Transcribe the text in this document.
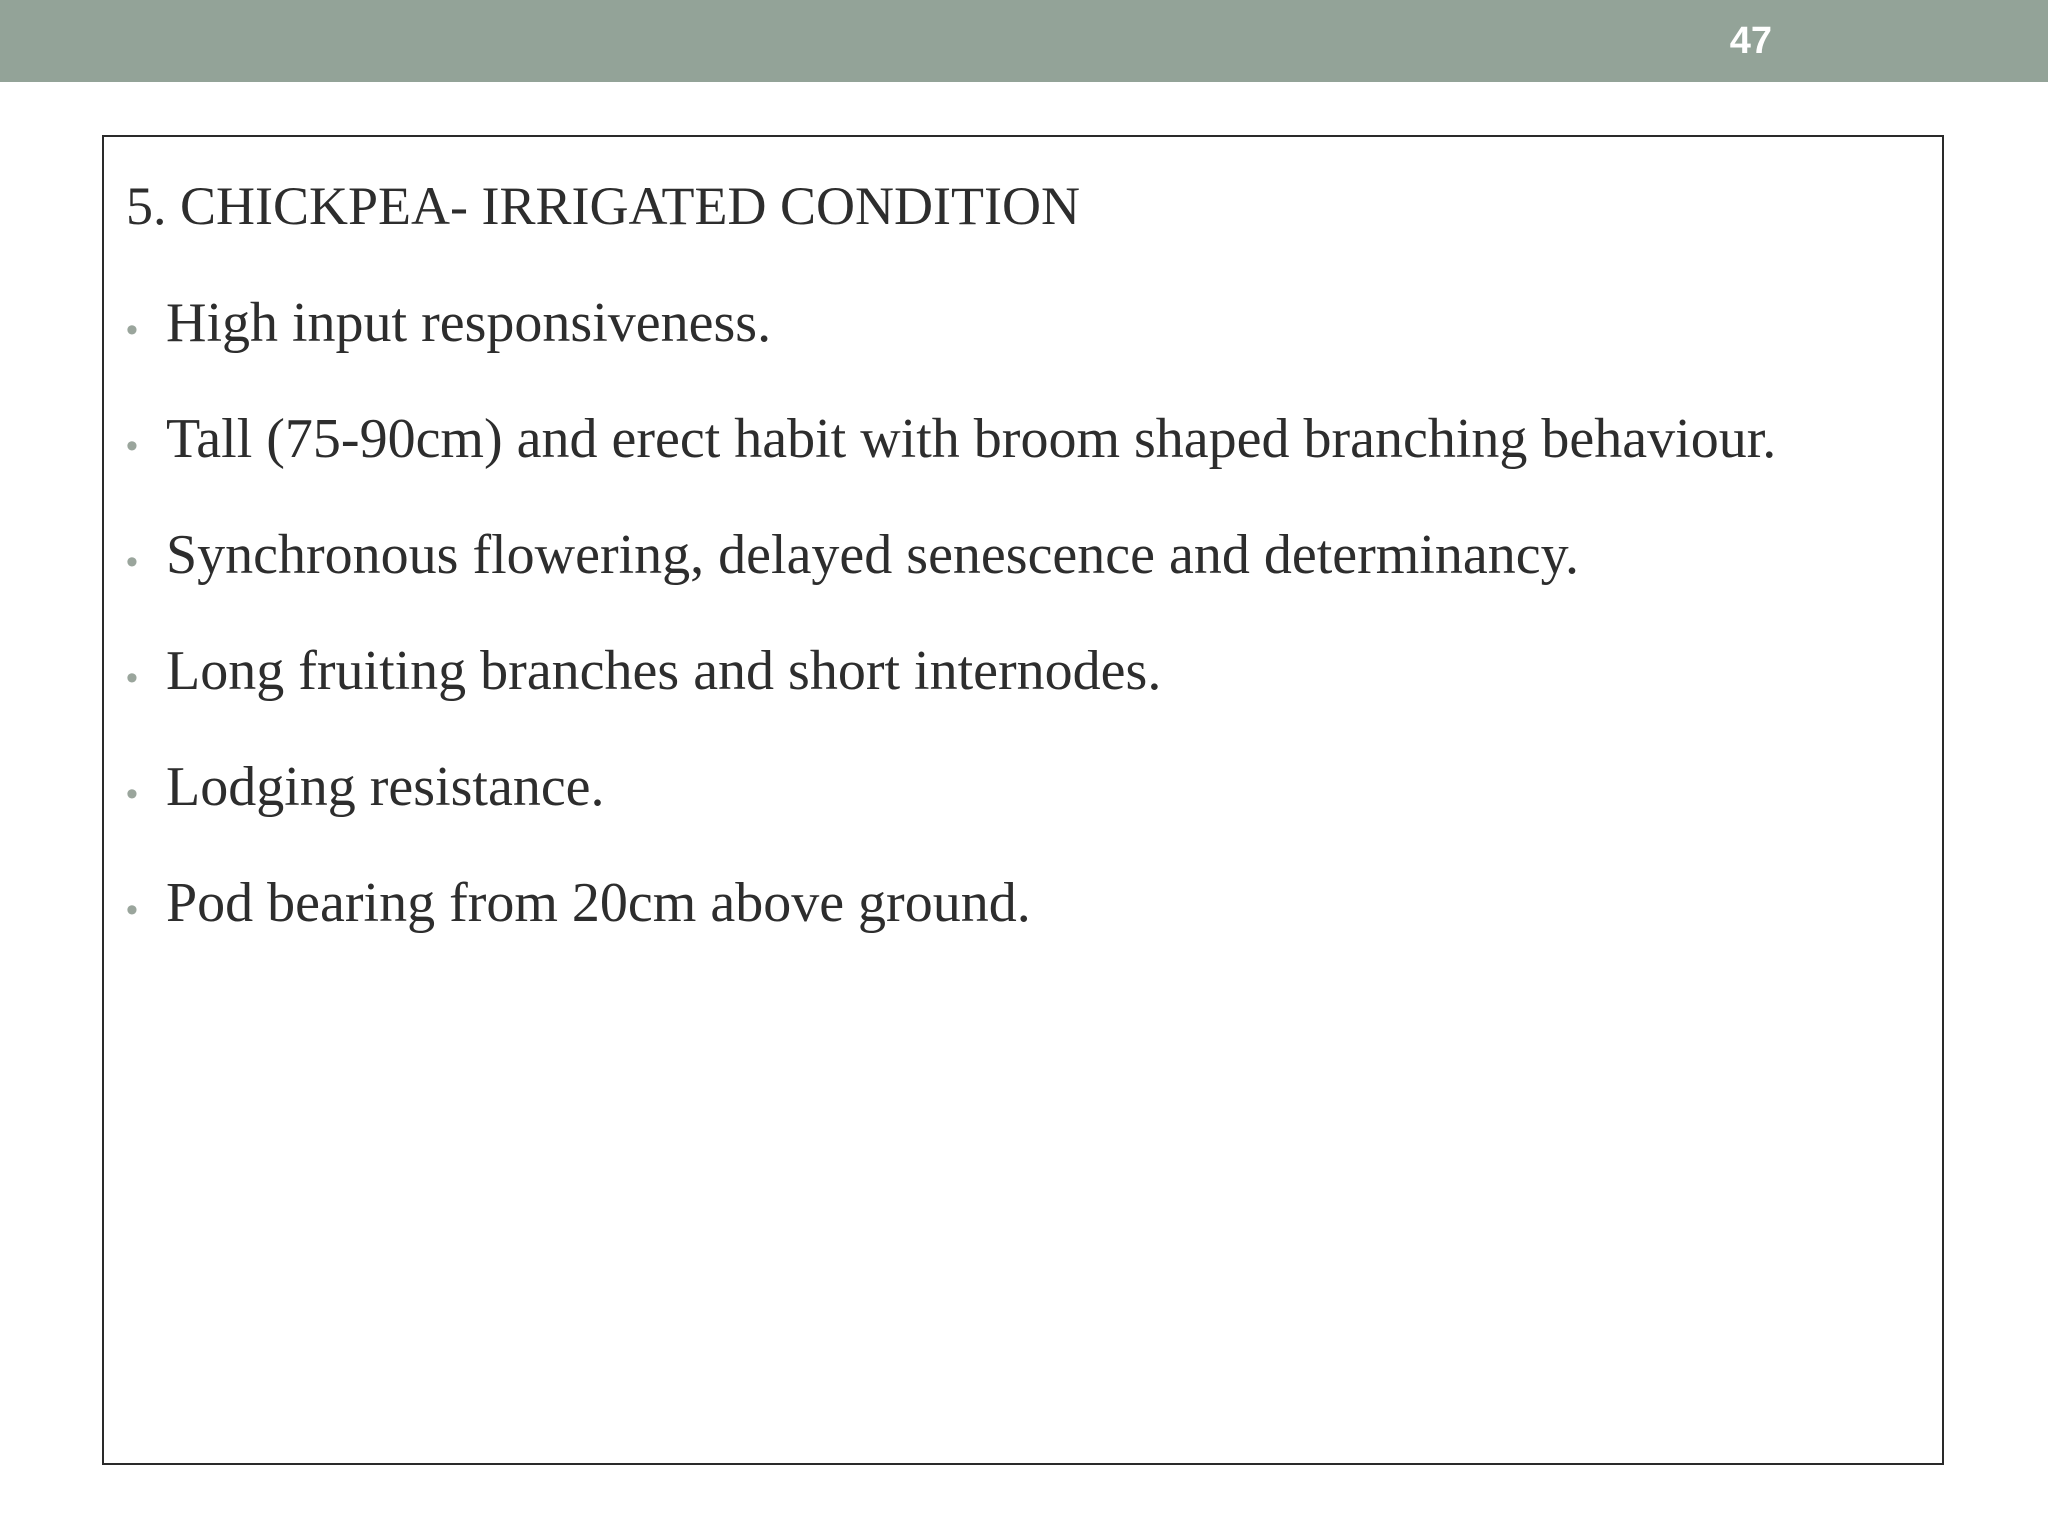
47
5. CHICKPEA- IRRIGATED CONDITION
• High input responsiveness.
• Tall (75-90cm) and erect habit with broom shaped branching behaviour.
• Synchronous flowering, delayed senescence and determinancy.
• Long fruiting branches and short internodes.
• Lodging resistance.
• Pod bearing from 20cm above ground.
